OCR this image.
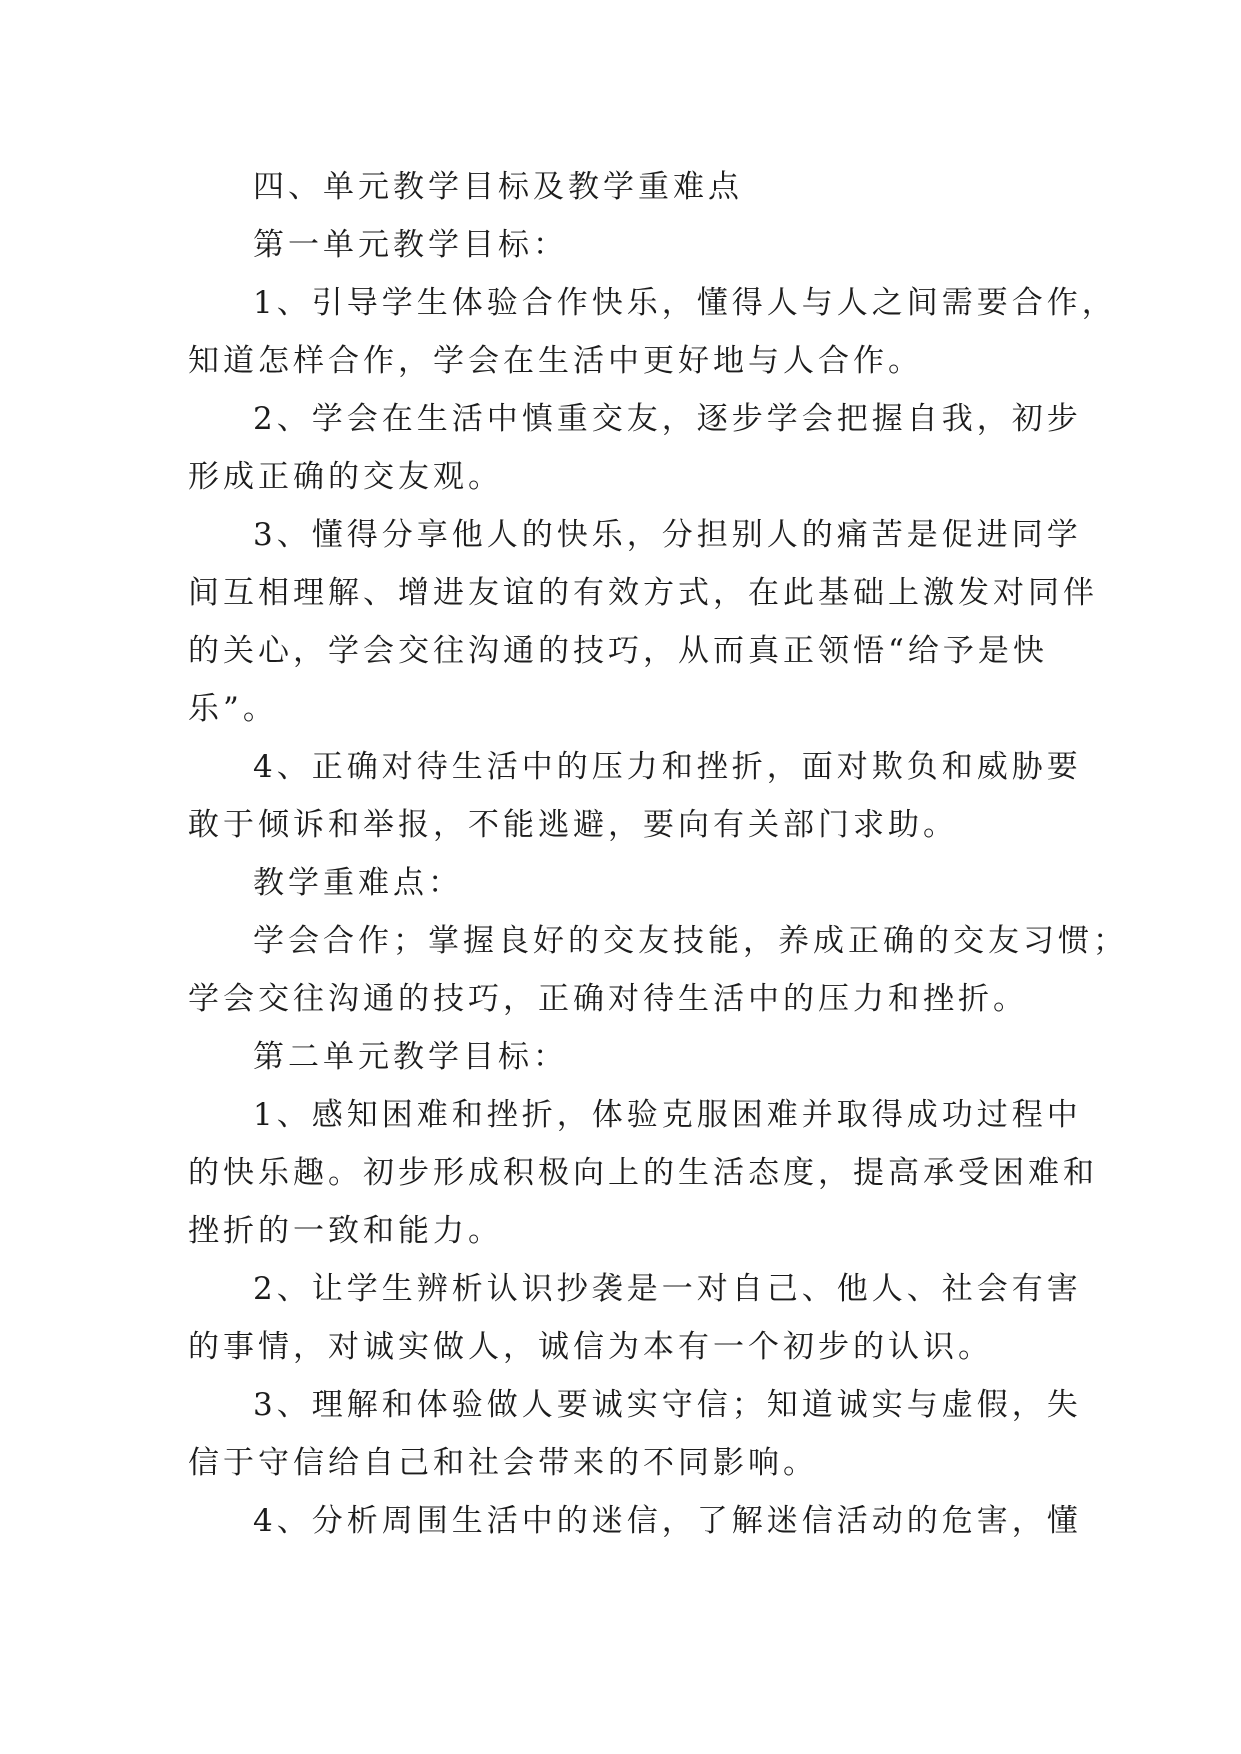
四、单元教学目标及教学重难点

第一单元教学目标：

1、引导学生体验合作快乐，懂得人与人之间需要合作，

知道怎样合作，学会在生活中更好地与人合作。

2、学会在生活中慎重交友，逐步学会把握自我，初步

形成正确的交友观。

3、懂得分享他人的快乐，分担别人的痛苦是促进同学

间互相理解、增进友谊的有效方式，在此基础上激发对同伴

的关心，学会交往沟通的技巧，从而真正领悟“给予是快

乐”。

4、正确对待生活中的压力和挫折，面对欺负和威胁要

敢于倾诉和举报，不能逃避，要向有关部门求助。

教学重难点：

学会合作；掌握良好的交友技能，养成正确的交友习惯；

学会交往沟通的技巧，正确对待生活中的压力和挫折。

第二单元教学目标：

1、感知困难和挫折，体验克服困难并取得成功过程中

的快乐趣。初步形成积极向上的生活态度，提高承受困难和

挫折的一致和能力。

2、让学生辨析认识抄袭是一对自己、他人、社会有害

的事情，对诚实做人，诚信为本有一个初步的认识。

3、理解和体验做人要诚实守信；知道诚实与虚假，失

信于守信给自己和社会带来的不同影响。

4、分析周围生活中的迷信，了解迷信活动的危害，懂
